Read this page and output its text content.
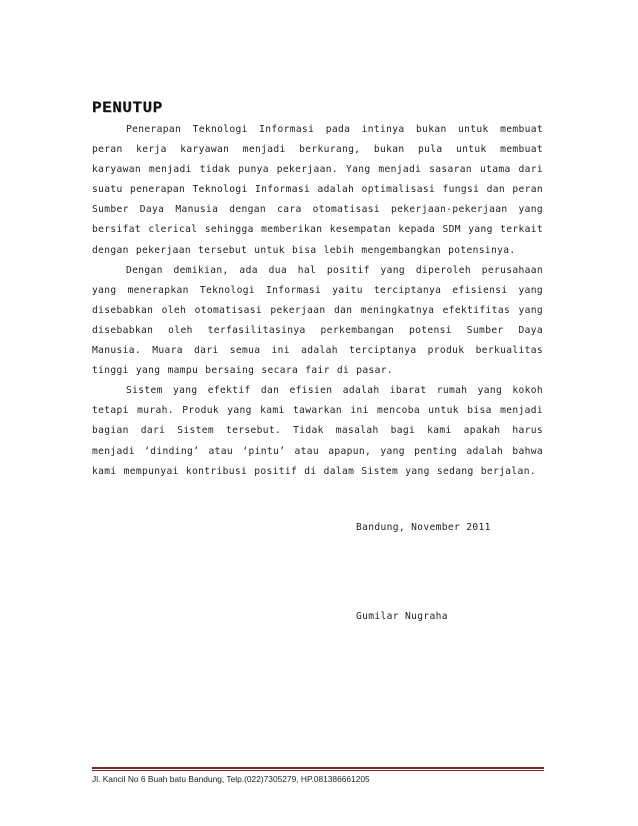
PENUTUP

Penerapan Teknologi Informasi pada intinya bukan untuk membuat peran kerja karyawan menjadi berkurang, bukan pula untuk membuat karyawan menjadi tidak punya pekerjaan. Yang menjadi sasaran utama dari suatu penerapan Teknologi Informasi adalah optimalisasi fungsi dan peran Sumber Daya Manusia dengan cara otomatisasi pekerjaan-pekerjaan yang bersifat clerical sehingga memberikan kesempatan kepada SDM yang terkait dengan pekerjaan tersebut untuk bisa lebih mengembangkan potensinya.

Dengan demikian, ada dua hal positif yang diperoleh perusahaan yang menerapkan Teknologi Informasi yaitu terciptanya efisiensi yang disebabkan oleh otomatisasi pekerjaan dan meningkatnya efektifitas yang disebabkan oleh terfasilitasinya perkembangan potensi Sumber Daya Manusia. Muara dari semua ini adalah terciptanya produk berkualitas tinggi yang mampu bersaing secara fair di pasar.

Sistem yang efektif dan efisien adalah ibarat rumah yang kokoh tetapi murah. Produk yang kami tawarkan ini mencoba untuk bisa menjadi bagian dari Sistem tersebut. Tidak masalah bagi kami apakah harus menjadi ‘dinding’ atau ‘pintu’ atau apapun, yang penting adalah bahwa kami mempunyai kontribusi positif di dalam Sistem yang sedang berjalan.

Bandung, November 2011
Gumilar Nugraha
Jl. Kancil No 6 Buah batu Bandung, Telp.(022)7305279, HP.081386661205
